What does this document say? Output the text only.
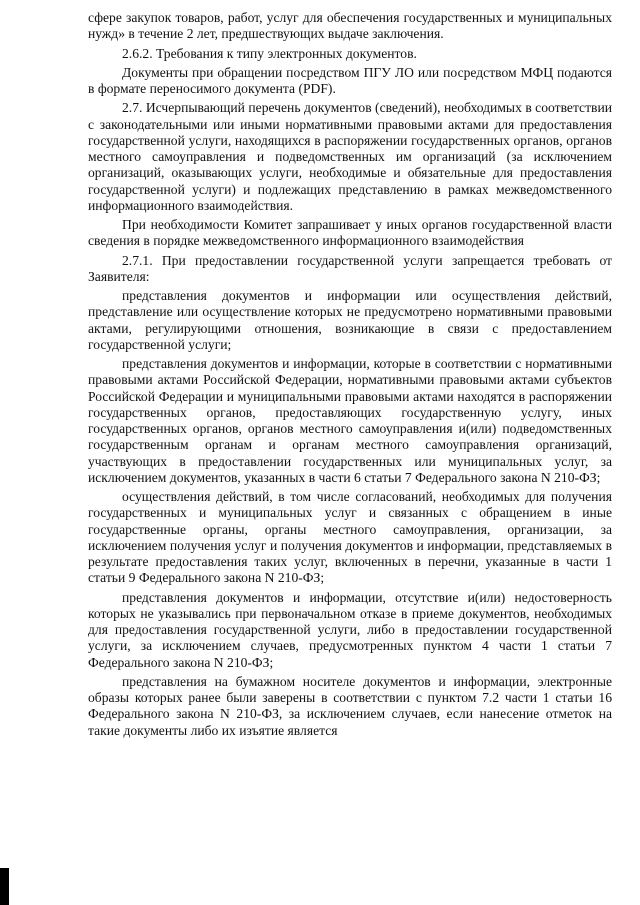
сфере закупок товаров, работ, услуг для обеспечения государственных и муниципальных нужд» в течение 2 лет, предшествующих выдаче заключения.

2.6.2. Требования к типу электронных документов.

Документы при обращении посредством ПГУ ЛО или посредством МФЦ подаются в формате переносимого документа (PDF).

2.7. Исчерпывающий перечень документов (сведений), необходимых в соответствии с законодательными или иными нормативными правовыми актами для предоставления государственной услуги, находящихся в распоряжении государственных органов, органов местного самоуправления и подведомственных им организаций (за исключением организаций, оказывающих услуги, необходимые и обязательные для предоставления государственной услуги) и подлежащих представлению в рамках межведомственного информационного взаимодействия.

При необходимости Комитет запрашивает у иных органов государственной власти сведения в порядке межведомственного информационного взаимодействия

2.7.1. При предоставлении государственной услуги запрещается требовать от Заявителя:

представления документов и информации или осуществления действий, представление или осуществление которых не предусмотрено нормативными правовыми актами, регулирующими отношения, возникающие в связи с предоставлением государственной услуги;

представления документов и информации, которые в соответствии с нормативными правовыми актами Российской Федерации, нормативными правовыми актами субъектов Российской Федерации и муниципальными правовыми актами находятся в распоряжении государственных органов, предоставляющих государственную услугу, иных государственных органов, органов местного самоуправления и(или) подведомственных государственным органам и органам местного самоуправления организаций, участвующих в предоставлении государственных или муниципальных услуг, за исключением документов, указанных в части 6 статьи 7 Федерального закона N 210-ФЗ;

осуществления действий, в том числе согласований, необходимых для получения государственных и муниципальных услуг и связанных с обращением в иные государственные органы, органы местного самоуправления, организации, за исключением получения услуг и получения документов и информации, представляемых в результате предоставления таких услуг, включенных в перечни, указанные в части 1 статьи 9 Федерального закона N 210-ФЗ;

представления документов и информации, отсутствие и(или) недостоверность которых не указывались при первоначальном отказе в приеме документов, необходимых для предоставления государственной услуги, либо в предоставлении государственной услуги, за исключением случаев, предусмотренных пунктом 4 части 1 статьи 7 Федерального закона N 210-ФЗ;

представления на бумажном носителе документов и информации, электронные образы которых ранее были заверены в соответствии с пунктом 7.2 части 1 статьи 16 Федерального закона N 210-ФЗ, за исключением случаев, если нанесение отметок на такие документы либо их изъятие является
